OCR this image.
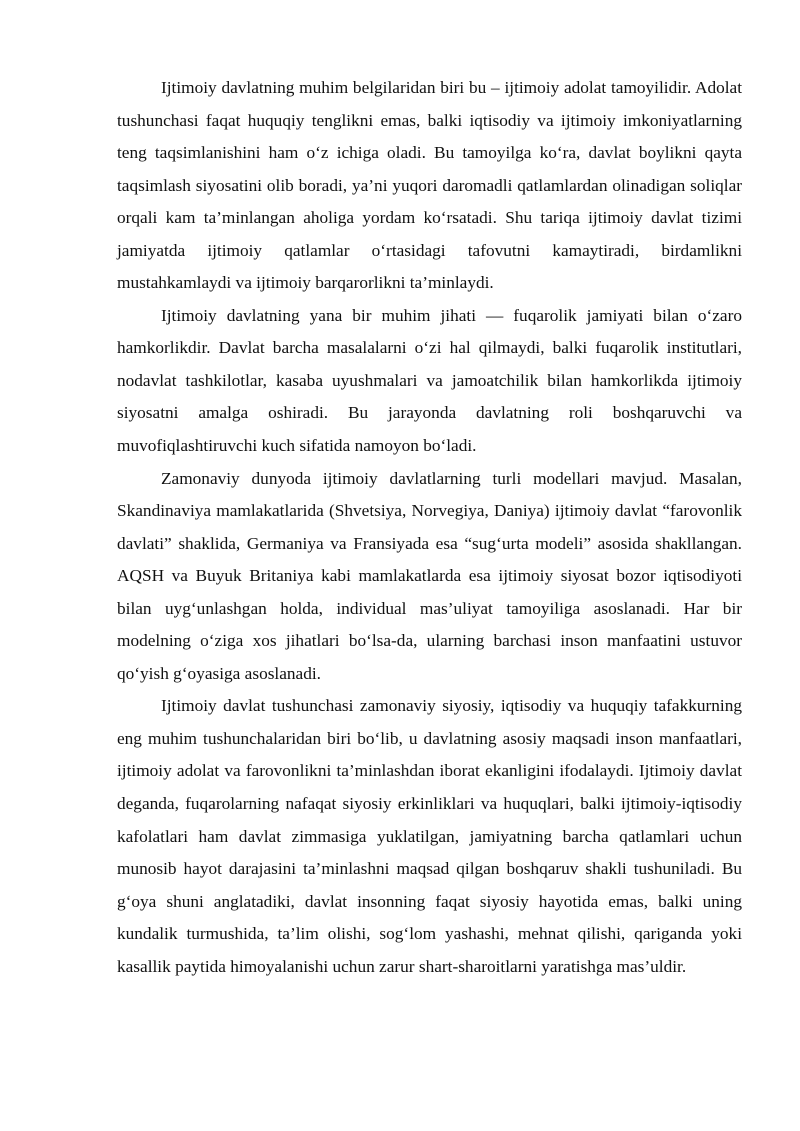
Ijtimoiy davlatning muhim belgilaridan biri bu – ijtimoiy adolat tamoyilidir. Adolat tushunchasi faqat huquqiy tenglikni emas, balki iqtisodiy va ijtimoiy imkoniyatlarning teng taqsimlanishini ham o‘z ichiga oladi. Bu tamoyilga ko‘ra, davlat boylikni qayta taqsimlash siyosatini olib boradi, ya’ni yuqori daromadli qatlamlardan olinadigan soliqlar orqali kam ta’minlangan aholiga yordam ko‘rsatadi. Shu tariqa ijtimoiy davlat tizimi jamiyatda ijtimoiy qatlamlar o‘rtasidagi tafovutni kamaytiradi, birdamlikni mustahkamlaydi va ijtimoiy barqarorlikni ta’minlaydi.

Ijtimoiy davlatning yana bir muhim jihati — fuqarolik jamiyati bilan o‘zaro hamkorlikdir. Davlat barcha masalalarni o‘zi hal qilmaydi, balki fuqarolik institutlari, nodavlat tashkilotlar, kasaba uyushmalari va jamoatchilik bilan hamkorlikda ijtimoiy siyosatni amalga oshiradi. Bu jarayonda davlatning roli boshqaruvchi va muvofiqlashtiruvchi kuch sifatida namoyon bo‘ladi.

Zamonaviy dunyoda ijtimoiy davlatlarning turli modellari mavjud. Masalan, Skandinaviya mamlakatlarida (Shvetsiya, Norvegiya, Daniya) ijtimoiy davlat “farovonlik davlati” shaklida, Germaniya va Fransiyada esa “sug‘urta modeli” asosida shakllangan. AQSH va Buyuk Britaniya kabi mamlakatlarda esa ijtimoiy siyosat bozor iqtisodiyoti bilan uyg‘unlashgan holda, individual mas’uliyat tamoyiliga asoslanadi. Har bir modelning o‘ziga xos jihatlari bo‘lsa-da, ularning barchasi inson manfaatini ustuvor qo‘yish g‘oyasiga asoslanadi.

Ijtimoiy davlat tushunchasi zamonaviy siyosiy, iqtisodiy va huquqiy tafakkurning eng muhim tushunchalaridan biri bo‘lib, u davlatning asosiy maqsadi inson manfaatlari, ijtimoiy adolat va farovonlikni ta’minlashdan iborat ekanligini ifodalaydi. Ijtimoiy davlat deganda, fuqarolarning nafaqat siyosiy erkinliklari va huquqlari, balki ijtimoiy-iqtisodiy kafolatlari ham davlat zimmasiga yuklatilgan, jamiyatning barcha qatlamlari uchun munosib hayot darajasini ta’minlashni maqsad qilgan boshqaruv shakli tushuniladi. Bu g‘oya shuni anglatadiki, davlat insonning faqat siyosiy hayotida emas, balki uning kundalik turmushida, ta’lim olishi, sog‘lom yashashi, mehnat qilishi, qariganda yoki kasallik paytida himoyalanishi uchun zarur shart-sharoitlarni yaratishga mas’uldir.
